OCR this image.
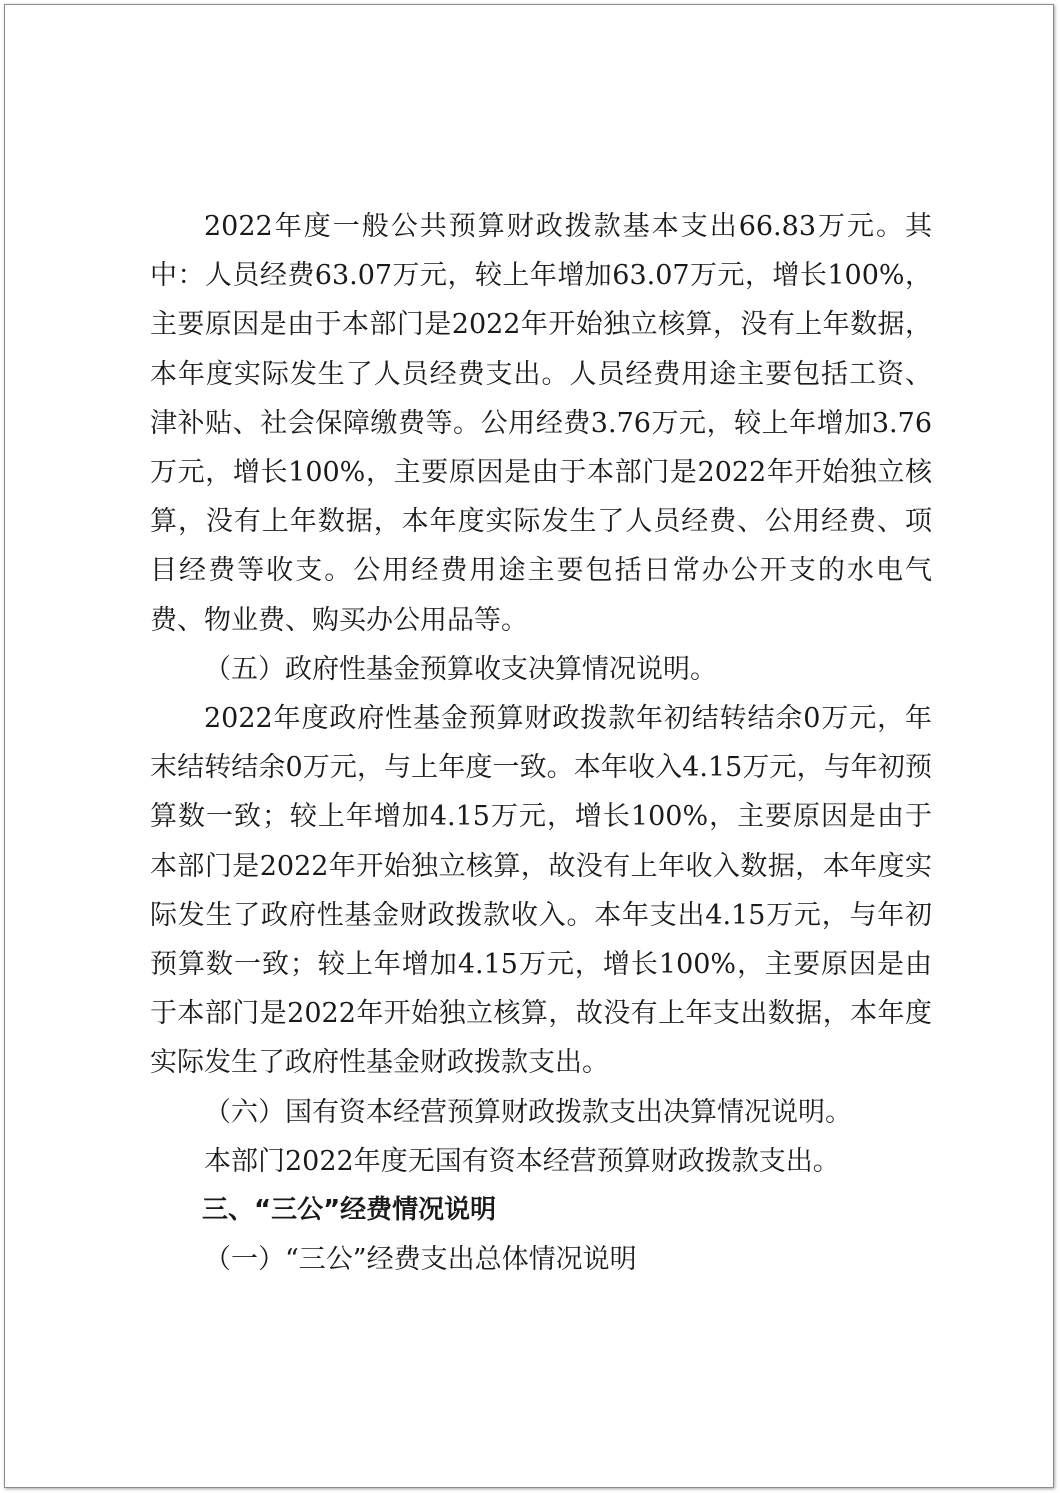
2022年度一般公共预算财政拨款基本支出66.83万元。其中：人员经费63.07万元，较上年增加63.07万元，增长100%，主要原因是由于本部门是2022年开始独立核算，没有上年数据，本年度实际发生了人员经费支出。人员经费用途主要包括工资、津补贴、社会保障缴费等。公用经费3.76万元，较上年增加3.76万元，增长100%，主要原因是由于本部门是2022年开始独立核算，没有上年数据，本年度实际发生了人员经费、公用经费、项目经费等收支。公用经费用途主要包括日常办公开支的水电气费、物业费、购买办公用品等。

（五）政府性基金预算收支决算情况说明。

2022年度政府性基金预算财政拨款年初结转结余0万元，年末结转结余0万元，与上年度一致。本年收入4.15万元，与年初预算数一致；较上年增加4.15万元，增长100%，主要原因是由于本部门是2022年开始独立核算，故没有上年收入数据，本年度实际发生了政府性基金财政拨款收入。本年支出4.15万元，与年初预算数一致；较上年增加4.15万元，增长100%，主要原因是由于本部门是2022年开始独立核算，故没有上年支出数据，本年度实际发生了政府性基金财政拨款支出。

（六）国有资本经营预算财政拨款支出决算情况说明。

本部门2022年度无国有资本经营预算财政拨款支出。

三、“三公”经费情况说明

（一）“三公”经费支出总体情况说明
